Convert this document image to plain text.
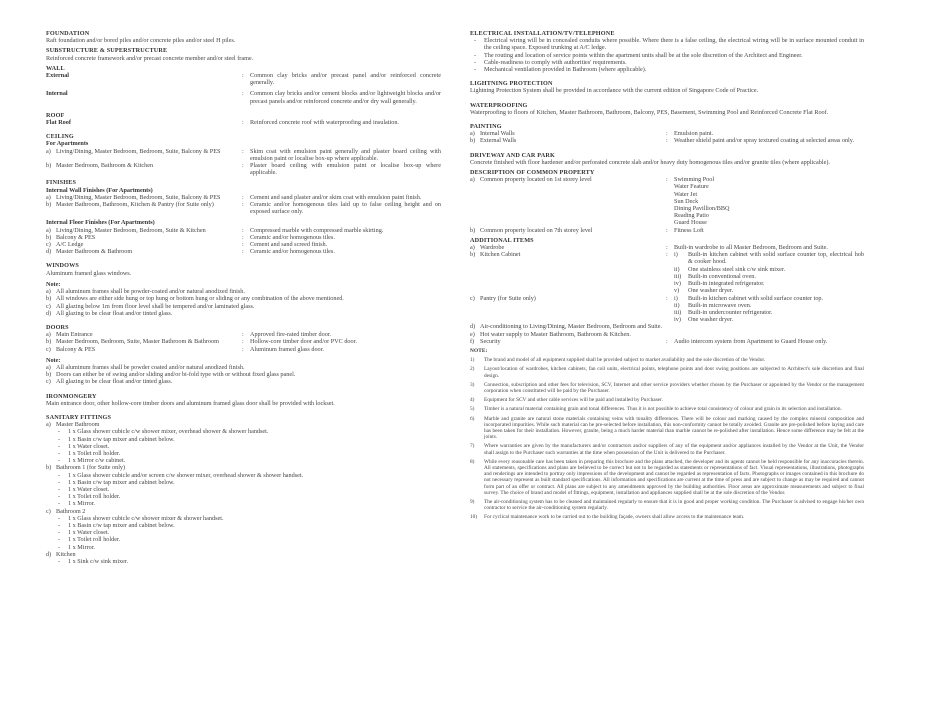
FOUNDATION
Raft foundation and/or bored piles and/or concrete piles and/or steel H piles.
SUBSTRUCTURE & SUPERSTRUCTURE
Reinforced concrete framework and/or precast concrete member and/or steel frame.
WALL
External	:	Common clay bricks and/or precast panel and/or reinforced concrete generally.
Internal	:	Common clay bricks and/or cement blocks and/or lightweight blocks and/or precast panels and/or reinforced concrete and/or dry wall generally.
ROOF
Flat Roof	:	Reinforced concrete roof with waterproofing and insulation.
CEILING
For Apartments
a) Living/Dining, Master Bedroom, Bedroom, Suite, Balcony & PES	:	Skim coat with emulsion paint generally and plaster board ceiling with emulsion paint or localise box-up where applicable.
b) Master Bedroom, Bathroom & Kitchen	:	Plaster board ceiling with emulsion paint or localise box-up where applicable.
FINISHES
Internal Wall Finishes (For Apartments)
a) Living/Dining, Master Bedroom, Bedroom, Suite, Balcony & PES	:	Cement and sand plaster and/or skim coat with emulsion paint finish.
b) Master Bathroom, Bathroom, Kitchen & Pantry (for Suite only)	:	Ceramic and/or homogenous tiles laid up to false ceiling height and on exposed surface only.
Internal Floor Finishes (For Apartments)
a) Living/Dining, Master Bedroom, Bedroom, Suite & Kitchen	:	Compressed marble with compressed marble skirting.
b) Balcony & PES	:	Ceramic and/or homogenous tiles.
c) A/C Ledge	:	Cement and sand screed finish.
d) Master Bathroom & Bathroom	:	Ceramic and/or homogenous tiles.
WINDOWS
Aluminum framed glass windows.
Note:
a) All aluminum frames shall be powder-coated and/or natural anodized finish.
b) All windows are either side hung or top hung or bottom hung or sliding or any combination of the above mentioned.
c) All glazing below 1m from floor level shall be tempered and/or laminated glass.
d) All glazing to be clear float and/or tinted glass.
DOORS
a) Main Entrance	:	Approved fire-rated timber door.
b) Master Bedroom, Bedroom, Suite, Master Bathroom & Bathroom	:	Hollow-core timber door and/or PVC door.
c) Balcony & PES	:	Aluminum framed glass door.
Note:
a) All aluminum frames shall be powder coated and/or natural anodized finish.
b) Doors can either be of swing and/or sliding and/or bi-fold type with or without fixed glass panel.
c) All glazing to be clear float and/or tinted glass.
IRONMONGERY
Main entrance door, other hollow-core timber doors and aluminum framed glass door shall be provided with lockset.
SANITARY FITTINGS
a) Master Bathroom
-	1 x Glass shower cubicle c/w shower mixer, overhead shower & shower handset.
-	1 x Basin c/w tap mixer and cabinet below.
-	1 x Water closet.
-	1 x Toilet roll holder.
-	1 x Mirror c/w cabinet.
b) Bathroom 1 (for Suite only)
-	1 x Glass shower cubicle and/or screen c/w shower mixer, overhead shower & shower handset.
-	1 x Basin c/w tap mixer and cabinet below.
-	1 x Water closet.
-	1 x Toilet roll holder.
-	1 x Mirror.
c) Bathroom 2
-	1 x Glass shower cubicle c/w shower mixer & shower handset.
-	1 x Basin c/w tap mixer and cabinet below.
-	1 x Water closet.
-	1 x Toilet roll holder.
-	1 x Mirror.
d) Kitchen
-	1 x Sink c/w sink mixer.
ELECTRICAL INSTALLATION/TV/TELEPHONE
-	Electrical wiring will be in concealed conduits where possible. Where there is a false ceiling, the electrical wiring will be in surface mounted conduit in the ceiling space. Exposed trunking at A/C ledge.
-	The routing and location of service points within the apartment units shall be at the sole discretion of the Architect and Engineer.
-	Cable-readiness to comply with authorities' requirements.
-	Mechanical ventilation provided in Bathroom (where applicable).
LIGHTNING PROTECTION
Lightning Protection System shall be provided in accordance with the current edition of Singapore Code of Practice.
WATERPROOFING
Waterproofing to floors of Kitchen, Master Bathroom, Bathroom, Balcony, PES, Basement, Swimming Pool and Reinforced Concrete Flat Roof.
PAINTING
a) Internal Walls	:	Emulsion paint.
b) External Walls	:	Weather shield paint and/or spray textured coating at selected areas only.
DRIVEWAY AND CAR PARK
Concrete finished with floor hardener and/or perforated concrete slab and/or heavy duty homogenous tiles and/or granite tiles (where applicable).
DESCRIPTION OF COMMON PROPERTY
a) Common property located on 1st storey level	:	Swimming Pool
Water Feature
Water Jet
Sun Deck
Dining Pavillion/BBQ
Reading Patio
Guard House
b) Common property located on 7th storey level	:	Fitness Loft
ADDITIONAL ITEMS
a) Wardrobe	:	Built-in wardrobe to all Master Bedroom, Bedroom and Suite.
b) Kitchen Cabinet	:	i)	Built-in kitchen cabinet with solid surface counter top, electrical hob & cooker hood.
ii)	One stainless steel sink c/w sink mixer.
iii)	Built-in conventional oven.
iv)	Built-in integrated refrigerator.
v)	One washer dryer.
c) Pantry (for Suite only)	:	i)	Built-in kitchen cabinet with solid surface counter top.
ii)	Built-in microwave oven.
iii)	Built-in undercounter refrigerator.
iv)	One washer dryer.
d) Air-conditioning to Living/Dining, Master Bedroom, Bedroom and Suite.
e) Hot water supply to Master Bathroom, Bathroom & Kitchen.
f) Security	:	Audio intercom system from Apartment to Guard House only.
NOTE:
1)	The brand and model of all equipment supplied shall be provided subject to market availability and the sole discretion of the Vendor.
2)	Layout/location of wardrobes, kitchen cabinets, fan coil units, electrical points, telephone points and door swing positions are subjected to Architect's sole discretion and final design.
3)	Connection, subscription and other fees for television, SCV, Internet and other service providers whether chosen by the Purchaser or appointed by the Vendor or the management corporation when constituted will be paid by the Purchaser.
4)	Equipment for SCV and other cable services will be paid and installed by Purchaser.
5)	Timber is a natural material containing grain and tonal differences. Thus it is not possible to achieve total consistency of colour and grain in its selection and installation.
6)	Marble and granite are natural stone materials containing veins with tonality differences. There will be colour and marking caused by the complex mineral composition and incorporated impurities. While such material can be pre-selected before installation, this non-conformity cannot be totally avoided. Granite are pre-polished before laying and care has been taken for their installation. However, granite, being a much harder material than marble cannot be re-polished after installation. Hence some difference may be felt at the joints.
7)	Where warranties are given by the manufacturers and/or contractors and/or suppliers of any of the equipment and/or appliances installed by the Vendor at the Unit, the Vendor shall assign to the Purchaser such warranties at the time when possession of the Unit is delivered to the Purchaser.
8)	While every reasonable care has been taken in preparing this brochure and the plans attached, the developer and its agents cannot be held responsible for any inaccuracies therein. All statements, specifications and plans are believed to be correct but not to be regarded as statements or representations of fact. Visual representations, illustrations, photographs and renderings are intended to portray only impressions of the development and cannot be regarded as representation of facts. Photographs or images contained in this brochure do not necessary represent as built standard specifications. All information and specifications are current at the time of press and are subject to change as may be required and cannot form part of an offer or contract. All plans are subject to any amendments approved by the building authorities. Floor areas are approximate measurements and subject to final survey. The choice of brand and model of fittings, equipment, installation and appliances supplied shall be at the sole discretion of the Vendor.
9)	The air-conditioning system has to be cleaned and maintained regularly to ensure that it is in good and proper working condition. The Purchaser is advised to engage his/her own contractor to service the air-conditioning system regularly.
10)	For cyclical maintenance work to be carried out to the building façade, owners shall allow access to the maintenance team.
